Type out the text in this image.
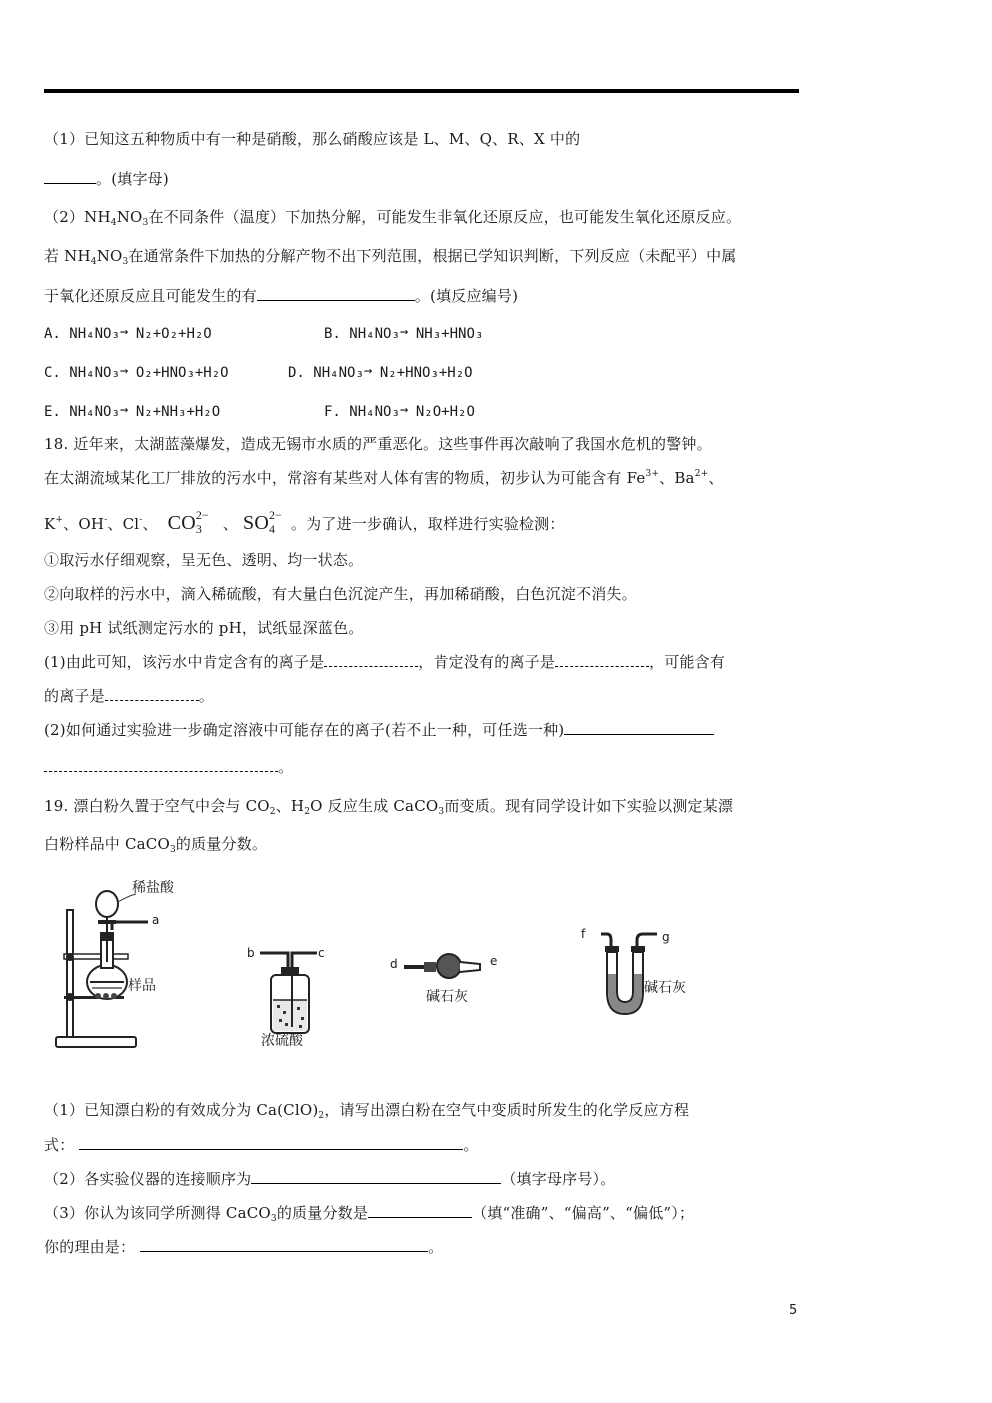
（1）已知这五种物质中有一种是硝酸，那么硝酸应该是 L、M、Q、R、X 中的
。(填字母)
$(2)NH_4NO_3$在不同条件（温度）下加热分解，可能发生非氧化还原反应，也可能发生氧化还原反应。
若 $NH_4NO_3$在通常条件下加热的分解产物不出下列范围，根据已学知识判断，下列反应（未配平）中属
于氧化还原反应且可能发生的有	。(填反应编号)
A. NH₄NO₃→ N₂+O₂+H₂O	B. NH₄NO₃→ NH₃+HNO₃
C. NH₄NO₃→ O₂+HNO₃+H₂O	D. NH₄NO₃→ N₂+HNO₃+H₂O
E. NH₄NO₃→ N₂+NH₃+H₂O	F. NH₄NO₃→ N₂O+H₂O
18. 近年来，太湖蓝藻爆发，造成无锡市水质的严重恶化。这些事件再次敲响了我国水危机的警钟。
在太湖流域某化工厂排放的污水中，常溶有某些对人体有害的物质，初步认为可能含有 $Fe^{3+}$、$Ba^{2+}$、
K+、OH-、Cl-、 CO 2−
3 、 SO 2−
4 。为了进一步确认，取样进行实验检测：
①取污水仔细观察，呈无色、透明、均一状态。
②向取样的污水中，滴入稀硫酸，有大量白色沉淀产生，再加稀硝酸，白色沉淀不消失。
③用 pH 试纸测定污水的 pH，试纸显深蓝色。
(1)由此可知，该污水中肯定含有的离子是	，肯定没有的离子是	，可能含有
的离子是	。
(2)如何通过实验进一步确定溶液中可能存在的离子(若不止一种，可任选一种)
。
19. 漂白粉久置于空气中会与 $CO_2$、$H_2O$ 反应生成 CaCO$_3$而变质。现有同学设计如下实验以测定某漂
白粉样品中 CaCO$_3$的质量分数。
稀盐酸
a
样品
b	c
浓硫酸
d	e
碱石灰
f	g
碱石灰
（1）已知漂白粉的有效成分为 $Ca(ClO)_2$，请写出漂白粉在空气中变质时所发生的化学反应方程
式：	。
（2）各实验仪器的连接顺序为	（填字母序号）。
（3）你认为该同学所测得 CaCO$_3$的质量分数是	（填“准确”、“偏高”、“偏低”）；
你的理由是：	。
5
